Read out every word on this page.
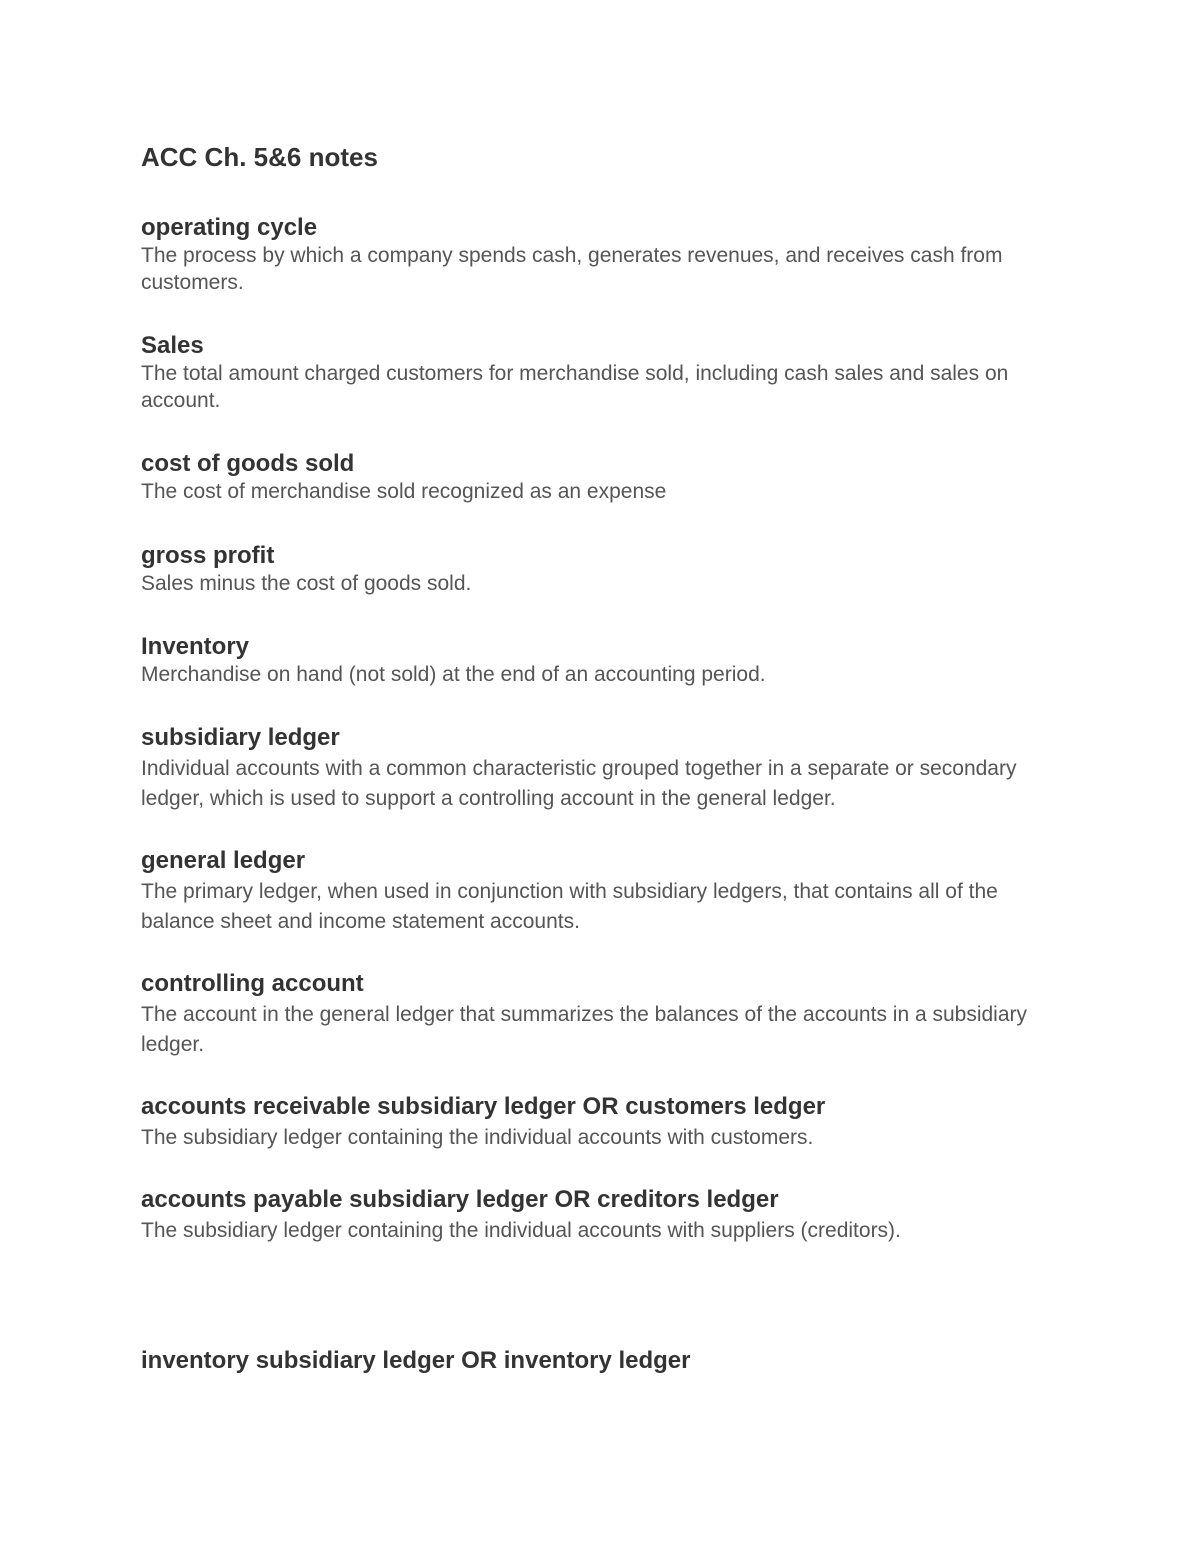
ACC Ch. 5&6 notes

operating cycle

The process by which a company spends cash, generates revenues, and receives cash from customers.

Sales

The total amount charged customers for merchandise sold, including cash sales and sales on account.

cost of goods sold

The cost of merchandise sold recognized as an expense

gross profit

Sales minus the cost of goods sold.

Inventory

Merchandise on hand (not sold) at the end of an accounting period.

subsidiary ledger

Individual accounts with a common characteristic grouped together in a separate or secondary ledger, which is used to support a controlling account in the general ledger.

general ledger

The primary ledger, when used in conjunction with subsidiary ledgers, that contains all of the balance sheet and income statement accounts.

controlling account

The account in the general ledger that summarizes the balances of the accounts in a subsidiary ledger.

accounts receivable subsidiary ledger OR customers ledger

The subsidiary ledger containing the individual accounts with customers.

accounts payable subsidiary ledger OR creditors ledger

The subsidiary ledger containing the individual accounts with suppliers (creditors).

inventory subsidiary ledger OR inventory ledger
